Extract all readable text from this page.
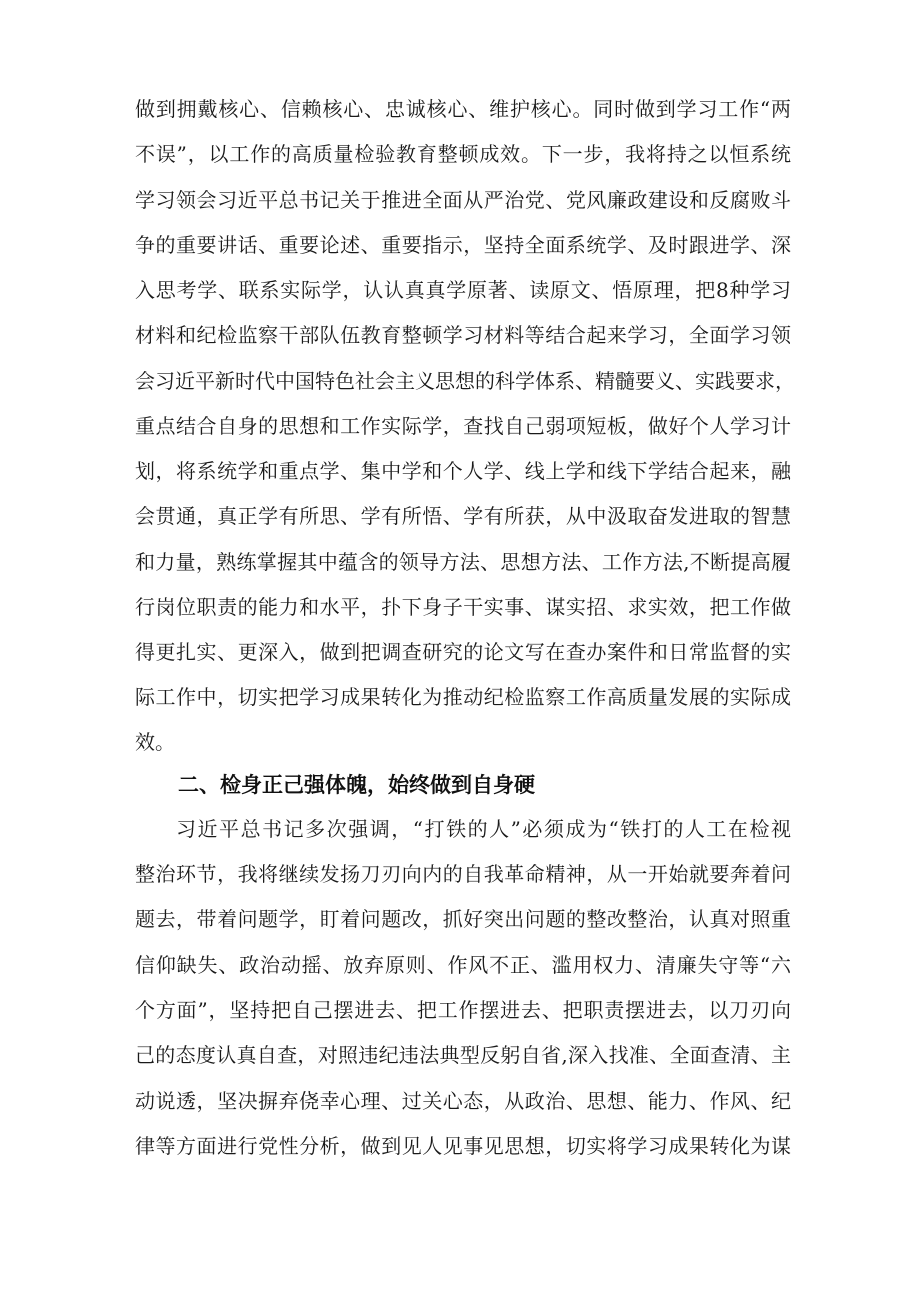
做到拥戴核心、信赖核心、忠诚核心、维护核心。同时做到学习工作“两
不误”，以工作的高质量检验教育整顿成效。下一步，我将持之以恒系统
学习领会习近平总书记关于推进全面从严治党、党风廉政建设和反腐败斗
争的重要讲话、重要论述、重要指示，坚持全面系统学、及时跟进学、深
入思考学、联系实际学，认认真真学原著、读原文、悟原理，把8种学习
材料和纪检监察干部队伍教育整顿学习材料等结合起来学习，全面学习领
会习近平新时代中国特色社会主义思想的科学体系、精髓要义、实践要求，
重点结合自身的思想和工作实际学，查找自己弱项短板，做好个人学习计
划，将系统学和重点学、集中学和个人学、线上学和线下学结合起来，融
会贯通，真正学有所思、学有所悟、学有所获，从中汲取奋发进取的智慧
和力量，熟练掌握其中蕴含的领导方法、思想方法、工作方法,不断提高履
行岗位职责的能力和水平，扑下身子干实事、谋实招、求实效，把工作做
得更扎实、更深入，做到把调查研究的论文写在查办案件和日常监督的实
际工作中，切实把学习成果转化为推动纪检监察工作高质量发展的实际成
效。
二、检身正己强体魄，始终做到自身硬
习近平总书记多次强调，“打铁的人”必须成为“铁打的人工在检视
整治环节，我将继续发扬刀刃向内的自我革命精神，从一开始就要奔着问
题去，带着问题学，盯着问题改，抓好突出问题的整改整治，认真对照重
信仰缺失、政治动摇、放弃原则、作风不正、滥用权力、清廉失守等“六
个方面”，坚持把自己摆进去、把工作摆进去、把职责摆进去，以刀刃向
己的态度认真自查，对照违纪违法典型反躬自省,深入找准、全面查清、主
动说透，坚决摒弃侥幸心理、过关心态，从政治、思想、能力、作风、纪
律等方面进行党性分析，做到见人见事见思想，切实将学习成果转化为谋
